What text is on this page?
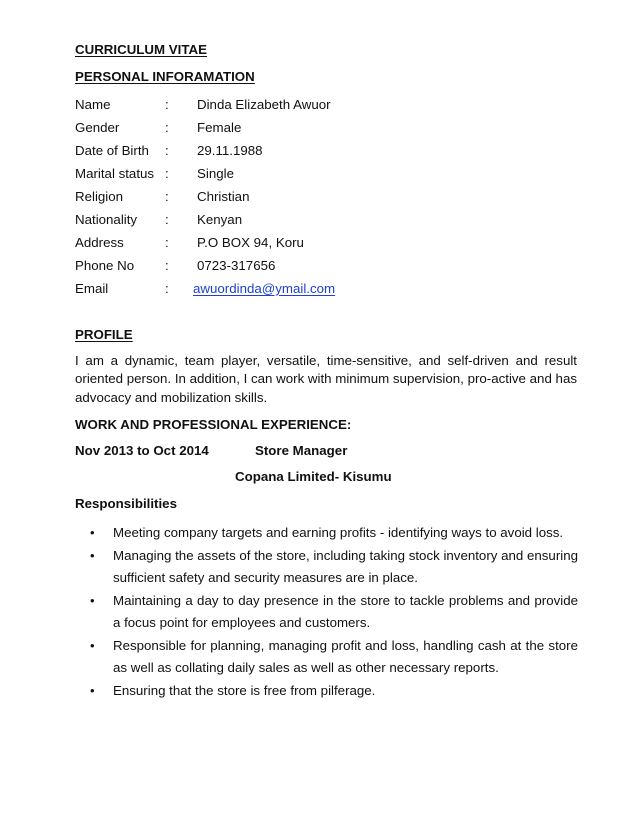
CURRICULUM VITAE
PERSONAL INFORAMATION
Name	: Dinda Elizabeth Awuor
Gender	: Female
Date of Birth : 29.11.1988
Marital status : Single
Religion	: Christian
Nationality : Kenyan
Address	: P.O BOX 94, Koru
Phone No : 0723-317656
Email	: awuordinda@ymail.com
PROFILE
I am a dynamic, team player, versatile, time-sensitive, and self-driven and result oriented person. In addition, I can work with minimum supervision, pro-active and has advocacy and mobilization skills.
WORK AND PROFESSIONAL EXPERIENCE:
Nov 2013 to Oct 2014	Store Manager
Copana Limited- Kisumu
Responsibilities
• Meeting company targets and earning profits - identifying ways to avoid loss.
• Managing the assets of the store, including taking stock inventory and ensuring sufficient safety and security measures are in place.
• Maintaining a day to day presence in the store to tackle problems and provide a focus point for employees and customers.
• Responsible for planning, managing profit and loss, handling cash at the store as well as collating daily sales as well as other necessary reports.
• Ensuring that the store is free from pilferage.
